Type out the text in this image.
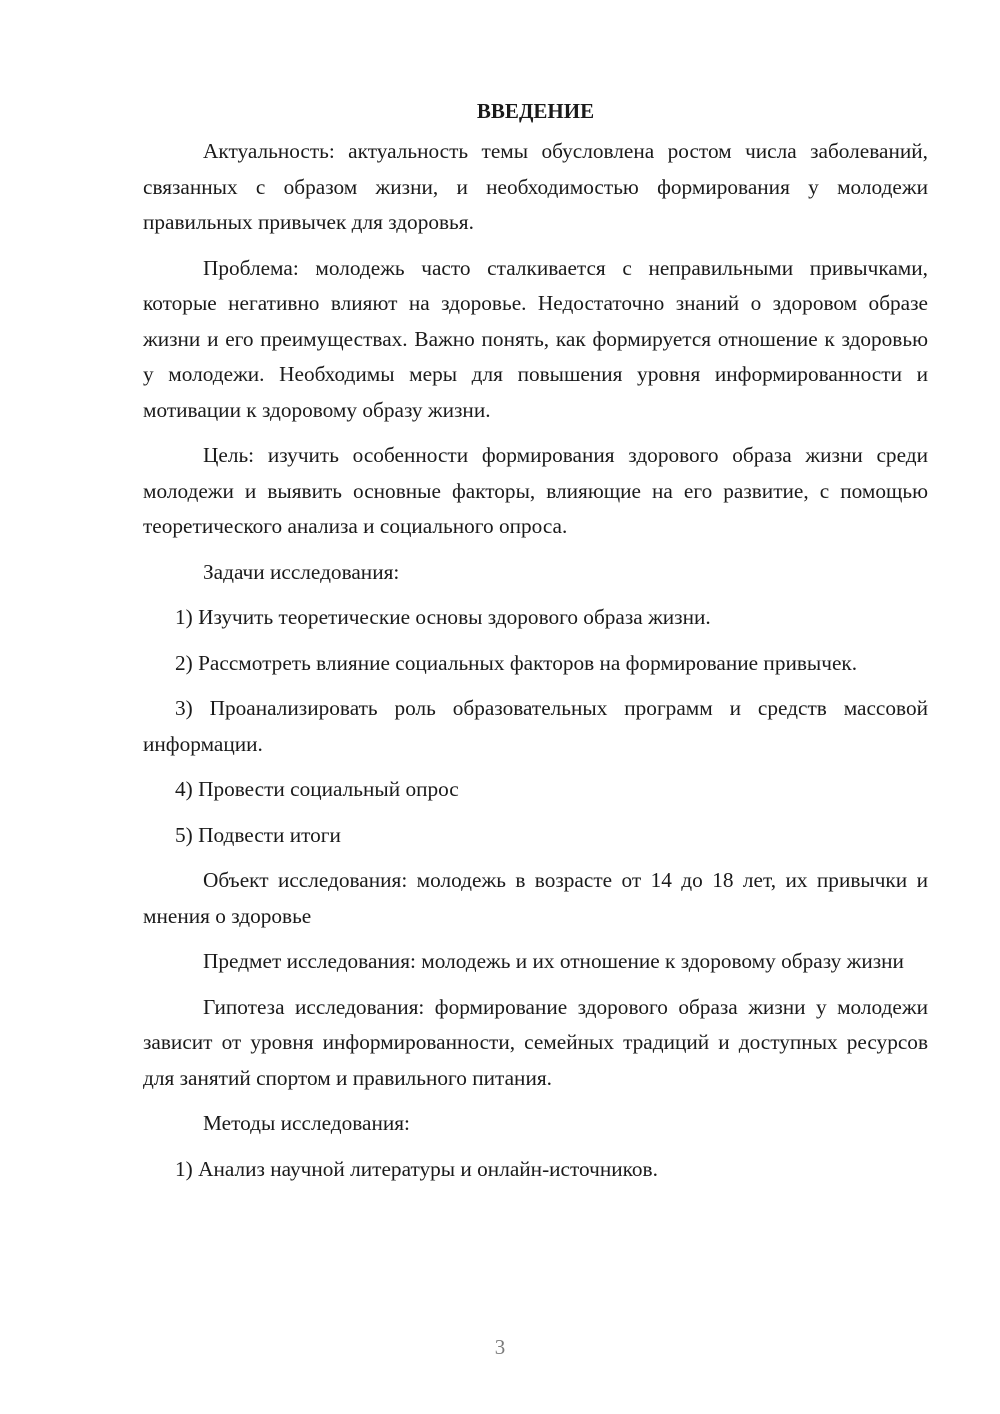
ВВЕДЕНИЕ

Актуальность: актуальность темы обусловлена ростом числа заболеваний, связанных с образом жизни, и необходимостью формирования у молодежи правильных привычек для здоровья.

Проблема: молодежь часто сталкивается с неправильными привычками, которые негативно влияют на здоровье. Недостаточно знаний о здоровом образе жизни и его преимуществах. Важно понять, как формируется отношение к здоровью у молодежи. Необходимы меры для повышения уровня информированности и мотивации к здоровому образу жизни.

Цель: изучить особенности формирования здорового образа жизни среди молодежи и выявить основные факторы, влияющие на его развитие, с помощью теоретического анализа и социального опроса.

Задачи исследования:

1) Изучить теоретические основы здорового образа жизни.

2) Рассмотреть влияние социальных факторов на формирование привычек.

3) Проанализировать роль образовательных программ и средств массовой информации.

4) Провести социальный опрос

5) Подвести итоги

Объект исследования: молодежь в возрасте от 14 до 18 лет, их привычки и мнения о здоровье

Предмет исследования: молодежь и их отношение к здоровому образу жизни

Гипотеза исследования: формирование здорового образа жизни у молодежи зависит от уровня информированности, семейных традиций и доступных ресурсов для занятий спортом и правильного питания.

Методы исследования:

1) Анализ научной литературы и онлайн-источников.

3
